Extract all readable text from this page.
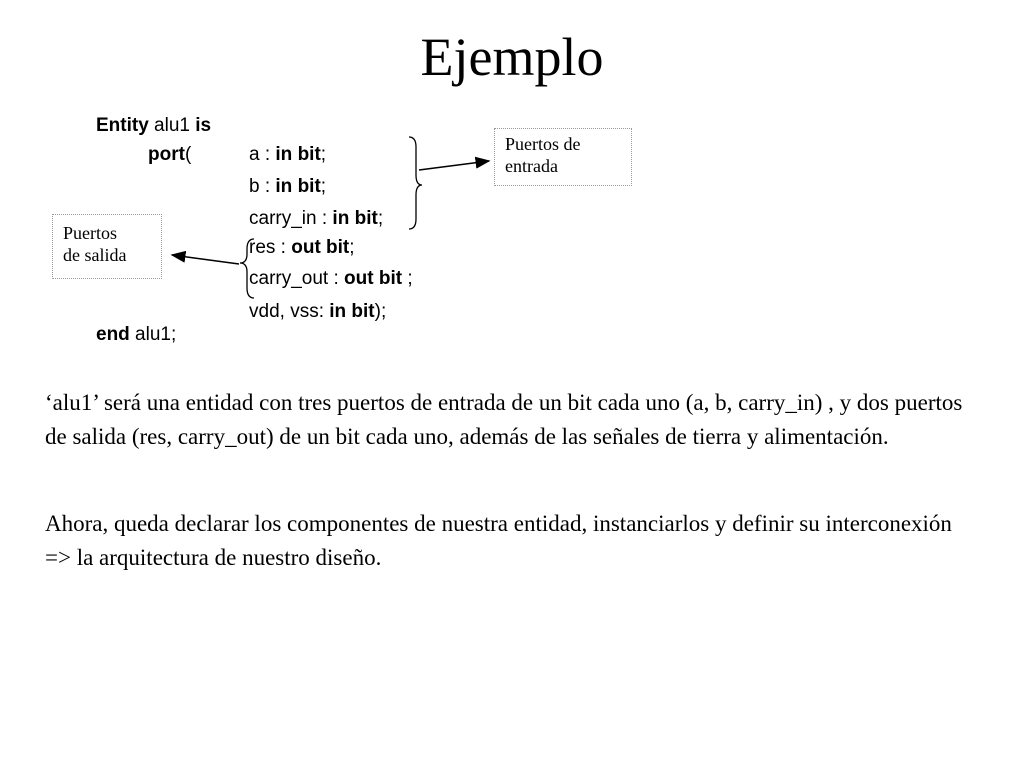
Ejemplo
Entity alu1 is
port(	a : in bit;
b : in bit;
carry_in : in bit;
res : out bit;
carry_out : out bit ;
vdd, vss: in bit);
end alu1;
Puertos de
entrada
Puertos
de salida
‘alu1’ será una entidad con tres puertos de entrada de un bit cada uno (a, b, carry_in) , y dos puertos de salida (res, carry_out) de un bit cada uno, además de las señales de tierra y alimentación.
Ahora, queda declarar los componentes de nuestra entidad, instanciarlos y definir su interconexión => la arquitectura de nuestro diseño.
